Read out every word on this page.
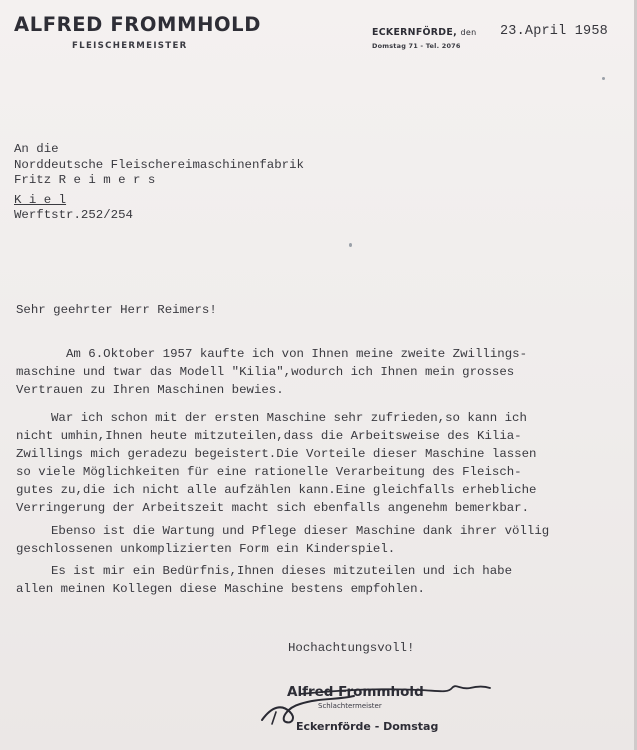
ALFRED FROMMHOLD
FLEISCHERMEISTER
ECKERNFÖRDE, den
Domstag 71 - Tel. 2076
23.April 1958
An die
Norddeutsche Fleischereimaschinenfabrik
Fritz R e i m e r s
K i e l
Werftstr.252/254
Sehr geehrter Herr Reimers!
Am 6.Oktober 1957 kaufte ich von Ihnen meine zweite Zwillings-
maschine und twar das Modell "Kilia",wodurch ich Ihnen mein grosses
Vertrauen zu Ihren Maschinen bewies.
War ich schon mit der ersten Maschine sehr zufrieden,so kann ich
nicht umhin,Ihnen heute mitzuteilen,dass die Arbeitsweise des Kilia-
Zwillings mich geradezu begeistert.Die Vorteile dieser Maschine lassen
so viele Möglichkeiten für eine rationelle Verarbeitung des Fleisch-
gutes zu,die ich nicht alle aufzählen kann.Eine gleichfalls erhebliche
Verringerung der Arbeitszeit macht sich ebenfalls angenehm bemerkbar.
Ebenso ist die Wartung und Pflege dieser Maschine dank ihrer völlig
geschlossenen unkomplizierten Form ein Kinderspiel.
Es ist mir ein Bedürfnis,Ihnen dieses mitzuteilen und ich habe
allen meinen Kollegen diese Maschine bestens empfohlen.
Hochachtungsvoll!
Alfred Frommhold
Schlachtermeister
Eckernförde - Domstag
